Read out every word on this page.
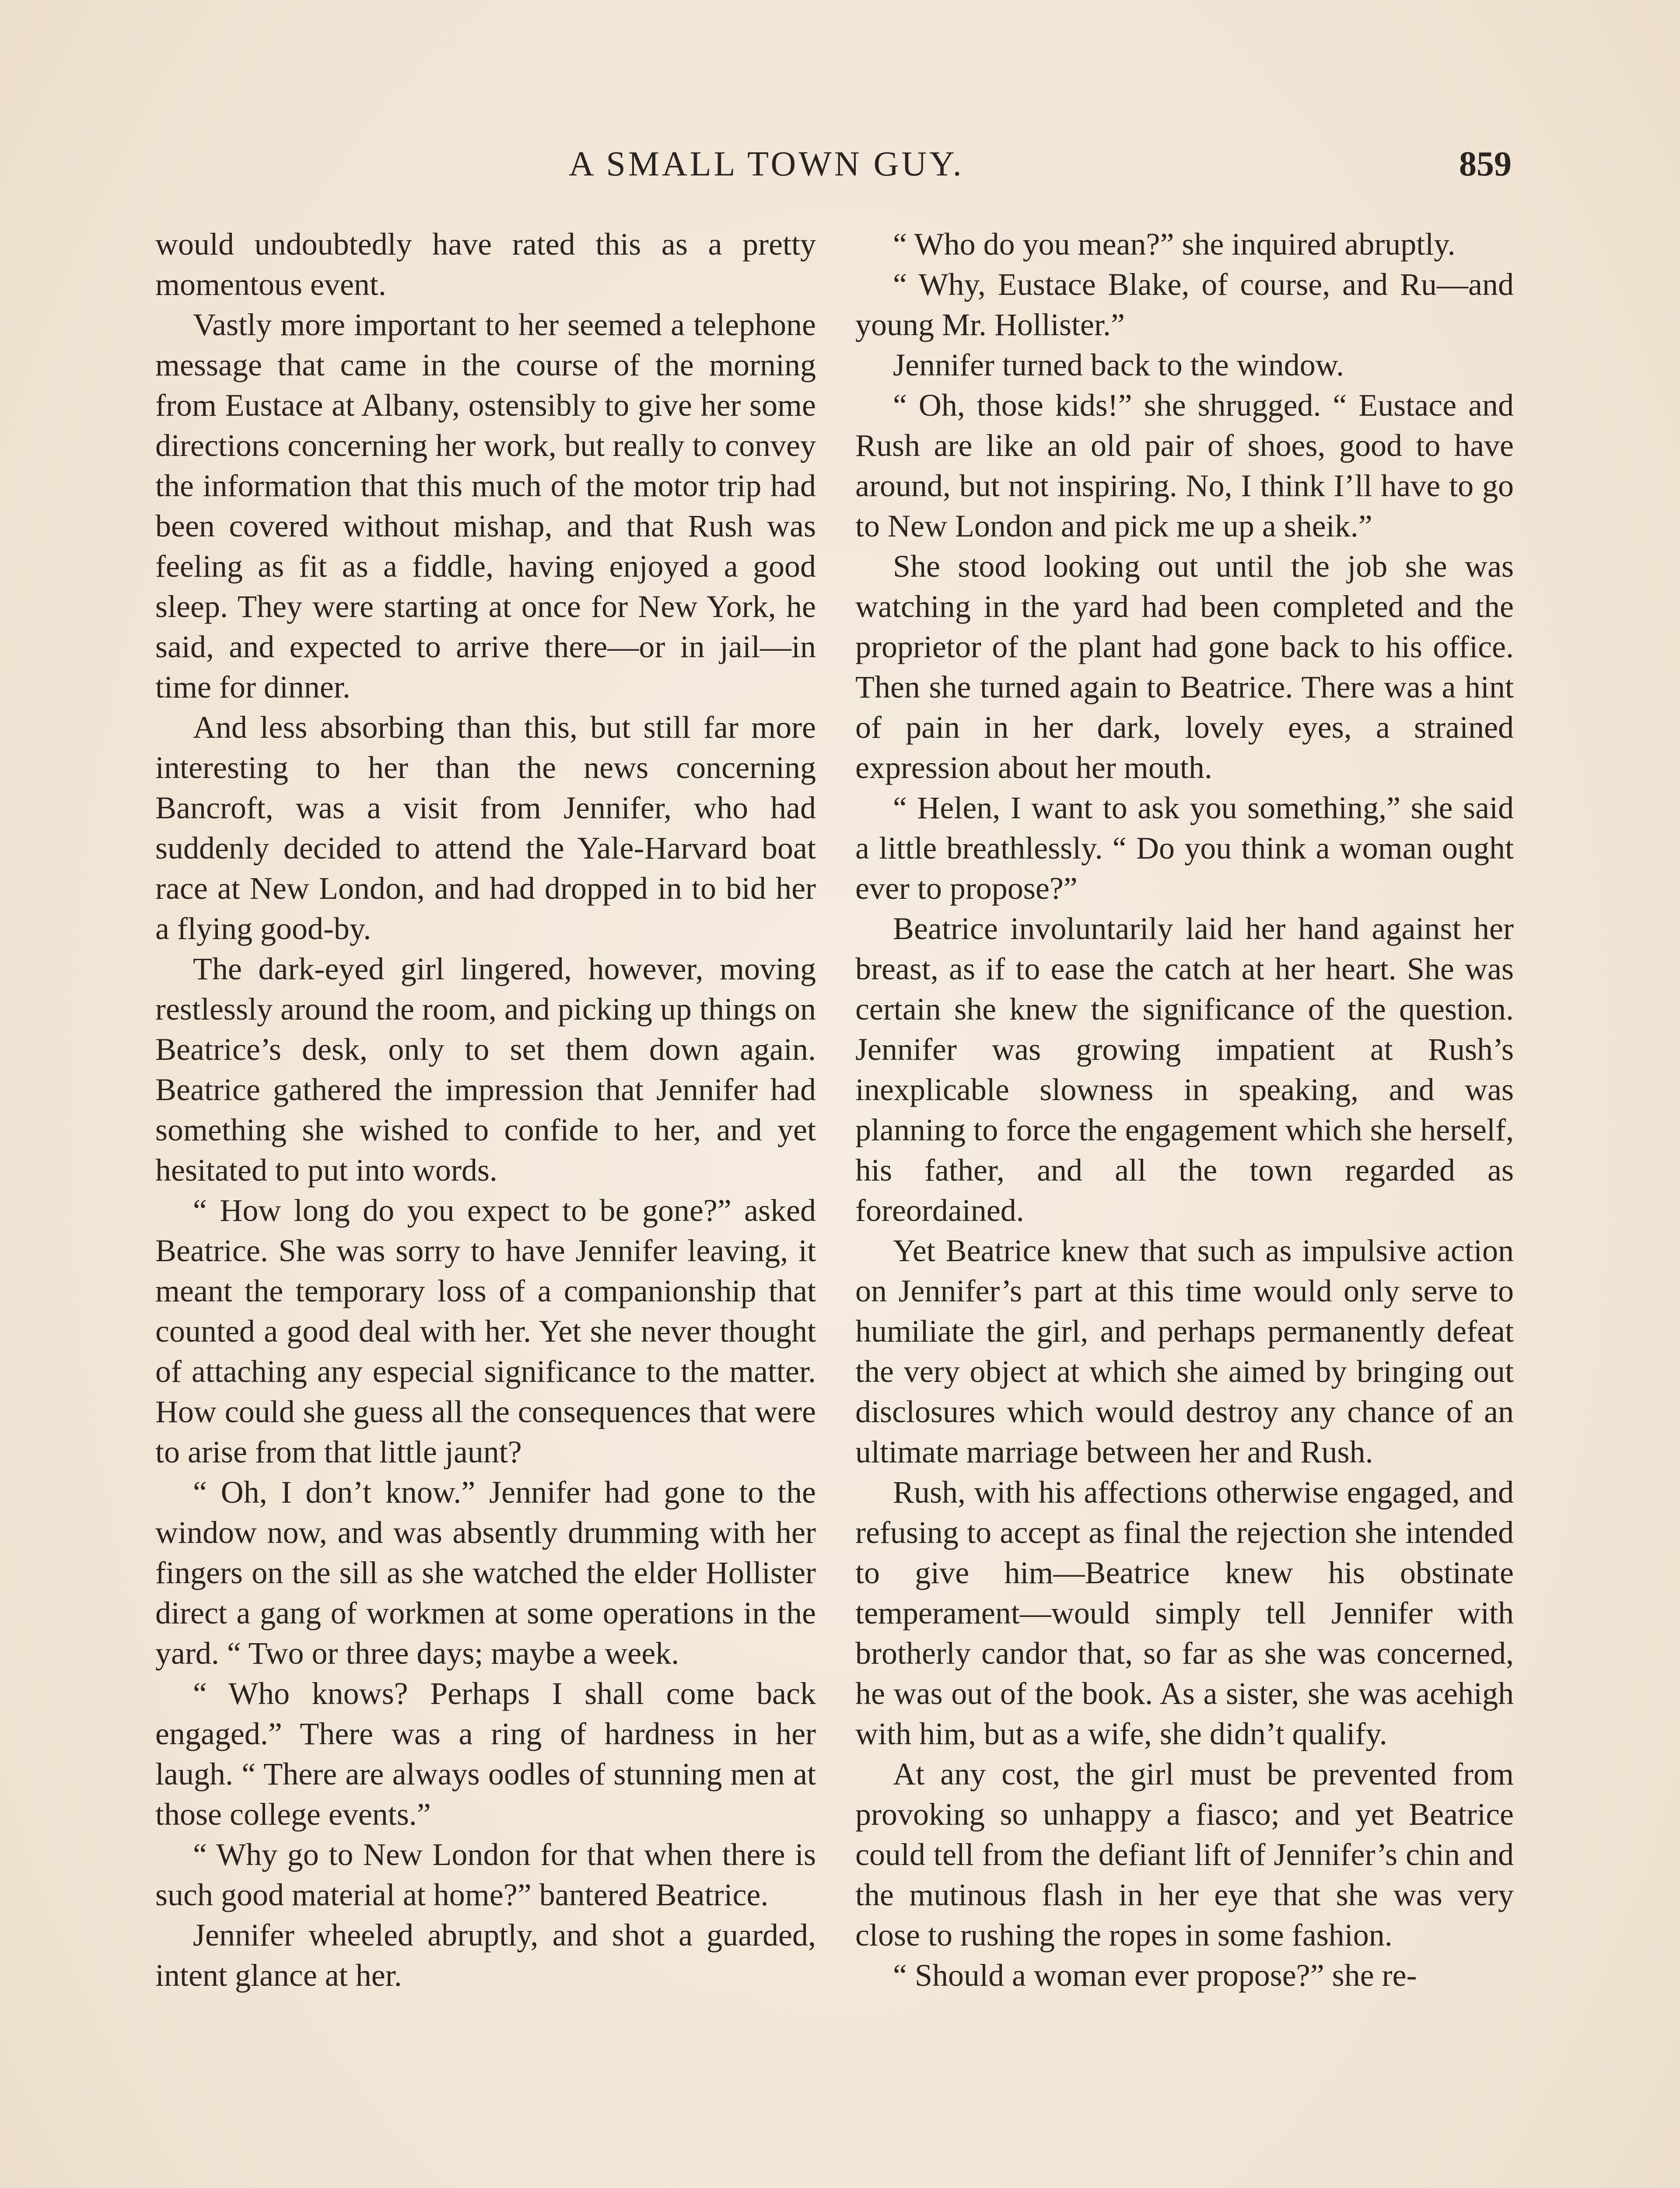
A SMALL TOWN GUY.	859

would undoubtedly have rated this as a pretty momentous event.

Vastly more important to her seemed a telephone message that came in the course of the morning from Eustace at Albany, ostensibly to give her some directions concerning her work, but really to convey the information that this much of the motor trip had been covered without mishap, and that Rush was feeling as fit as a fiddle, having enjoyed a good sleep. They were starting at once for New York, he said, and expected to arrive there—or in jail—in time for dinner.

And less absorbing than this, but still far more interesting to her than the news concerning Bancroft, was a visit from Jennifer, who had suddenly decided to attend the Yale-Harvard boat race at New London, and had dropped in to bid her a flying good-by.

The dark-eyed girl lingered, however, moving restlessly around the room, and picking up things on Beatrice’s desk, only to set them down again. Beatrice gathered the impression that Jennifer had something she wished to confide to her, and yet hesitated to put into words.

“ How long do you expect to be gone?” asked Beatrice. She was sorry to have Jennifer leaving, it meant the temporary loss of a companionship that counted a good deal with her. Yet she never thought of attaching any especial significance to the matter. How could she guess all the consequences that were to arise from that little jaunt?

“ Oh, I don’t know.” Jennifer had gone to the window now, and was absently drumming with her fingers on the sill as she watched the elder Hollister direct a gang of workmen at some operations in the yard. “ Two or three days; maybe a week.

“ Who knows? Perhaps I shall come back engaged.” There was a ring of hardness in her laugh. “ There are always oodles of stunning men at those college events.”

“ Why go to New London for that when there is such good material at home?” bantered Beatrice.

Jennifer wheeled abruptly, and shot a guarded, intent glance at her.

“ Who do you mean?” she inquired abruptly.

“ Why, Eustace Blake, of course, and Ru—and young Mr. Hollister.”

Jennifer turned back to the window.

“ Oh, those kids!” she shrugged. “ Eustace and Rush are like an old pair of shoes, good to have around, but not inspiring. No, I think I’ll have to go to New London and pick me up a sheik.”

She stood looking out until the job she was watching in the yard had been completed and the proprietor of the plant had gone back to his office. Then she turned again to Beatrice. There was a hint of pain in her dark, lovely eyes, a strained expression about her mouth.

“ Helen, I want to ask you something,” she said a little breathlessly. “ Do you think a woman ought ever to propose?”

Beatrice involuntarily laid her hand against her breast, as if to ease the catch at her heart. She was certain she knew the significance of the question. Jennifer was growing impatient at Rush’s inexplicable slowness in speaking, and was planning to force the engagement which she herself, his father, and all the town regarded as foreordained.

Yet Beatrice knew that such as impulsive action on Jennifer’s part at this time would only serve to humiliate the girl, and perhaps permanently defeat the very object at which she aimed by bringing out disclosures which would destroy any chance of an ultimate marriage between her and Rush.

Rush, with his affections otherwise engaged, and refusing to accept as final the rejection she intended to give him—Beatrice knew his obstinate temperament—would simply tell Jennifer with brotherly candor that, so far as she was concerned, he was out of the book. As a sister, she was acehigh with him, but as a wife, she didn’t qualify.

At any cost, the girl must be prevented from provoking so unhappy a fiasco; and yet Beatrice could tell from the defiant lift of Jennifer’s chin and the mutinous flash in her eye that she was very close to rushing the ropes in some fashion.

“ Should a woman ever propose?” she re-
